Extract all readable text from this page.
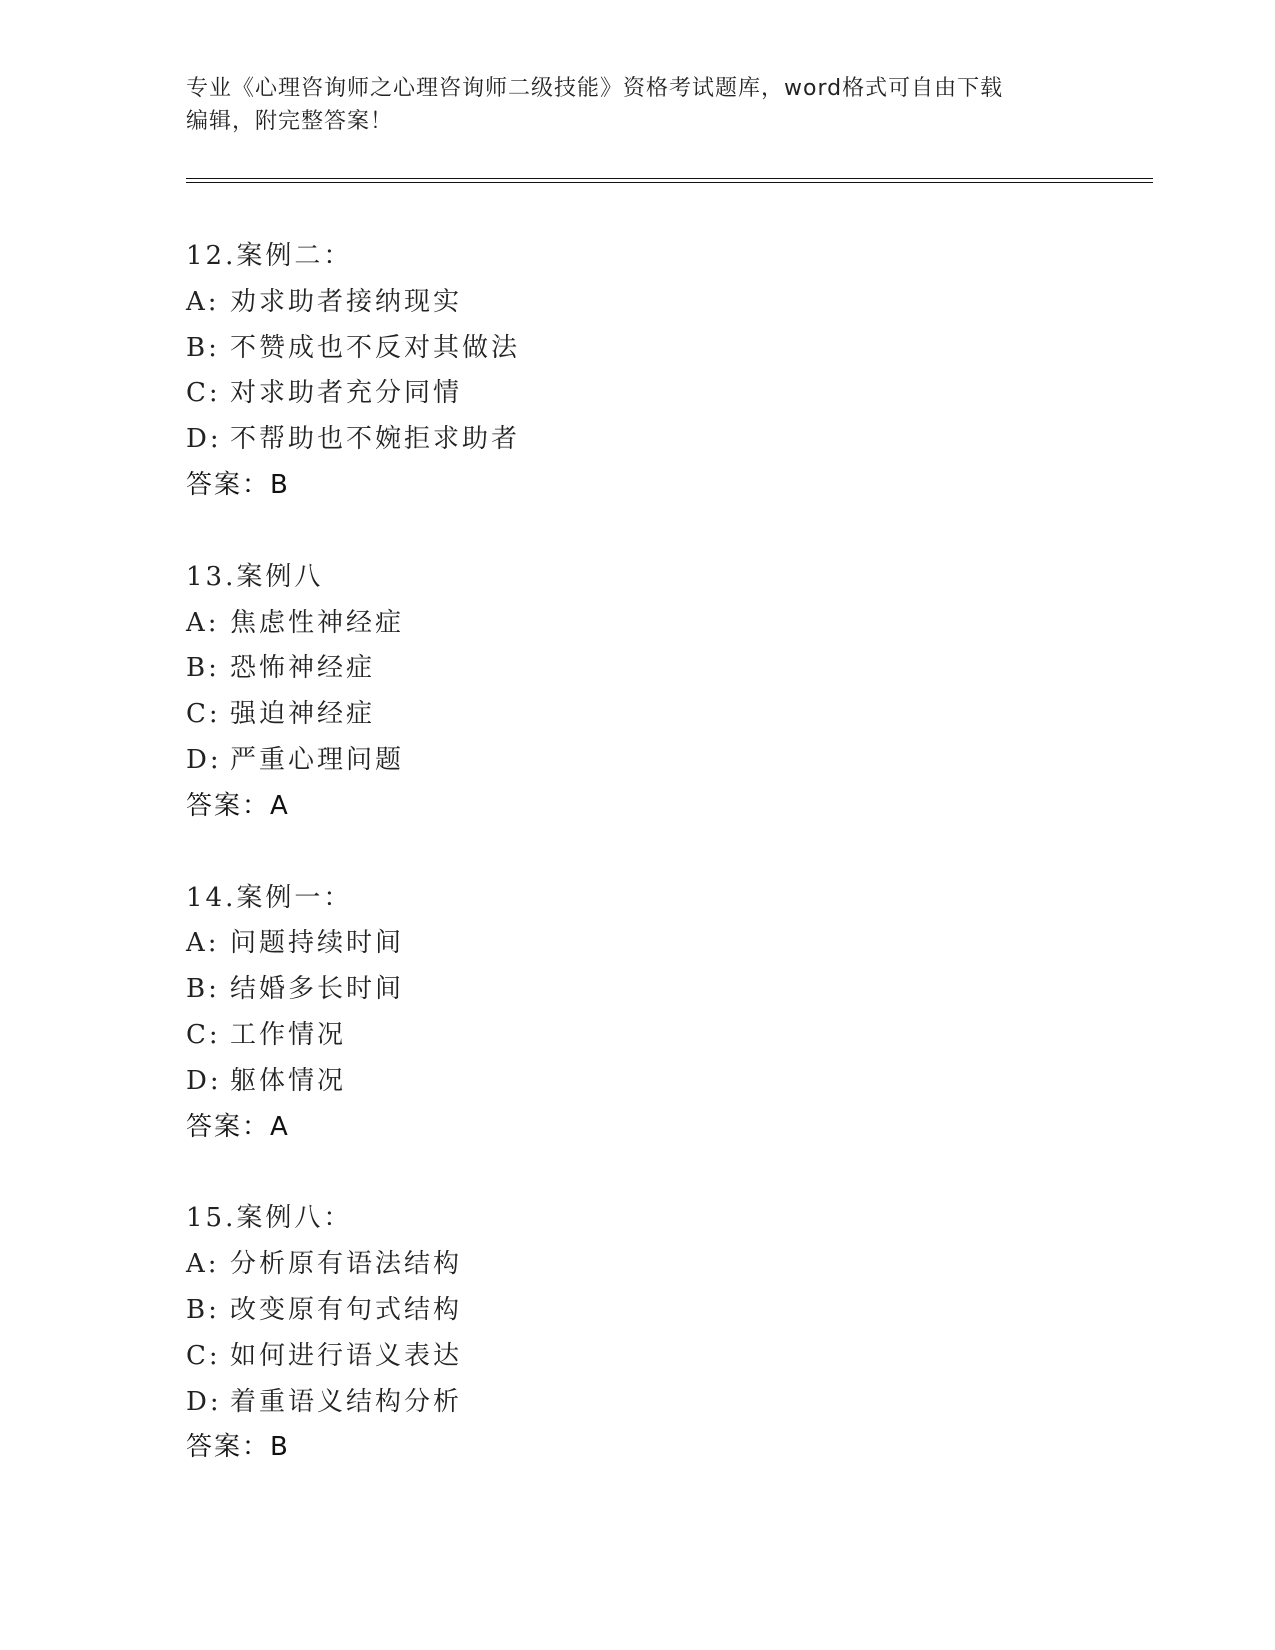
专业《心理咨询师之心理咨询师二级技能》资格考试题库，word格式可自由下载
编辑，附完整答案！
12.案例二：
A: 劝求助者接纳现实
B: 不赞成也不反对其做法
C: 对求助者充分同情
D: 不帮助也不婉拒求助者
答案：B
13.案例八
A: 焦虑性神经症
B: 恐怖神经症
C: 强迫神经症
D: 严重心理问题
答案：A
14.案例一：
A: 问题持续时间
B: 结婚多长时间
C: 工作情况
D: 躯体情况
答案：A
15.案例八：
A: 分析原有语法结构
B: 改变原有句式结构
C: 如何进行语义表达
D: 着重语义结构分析
答案：B
